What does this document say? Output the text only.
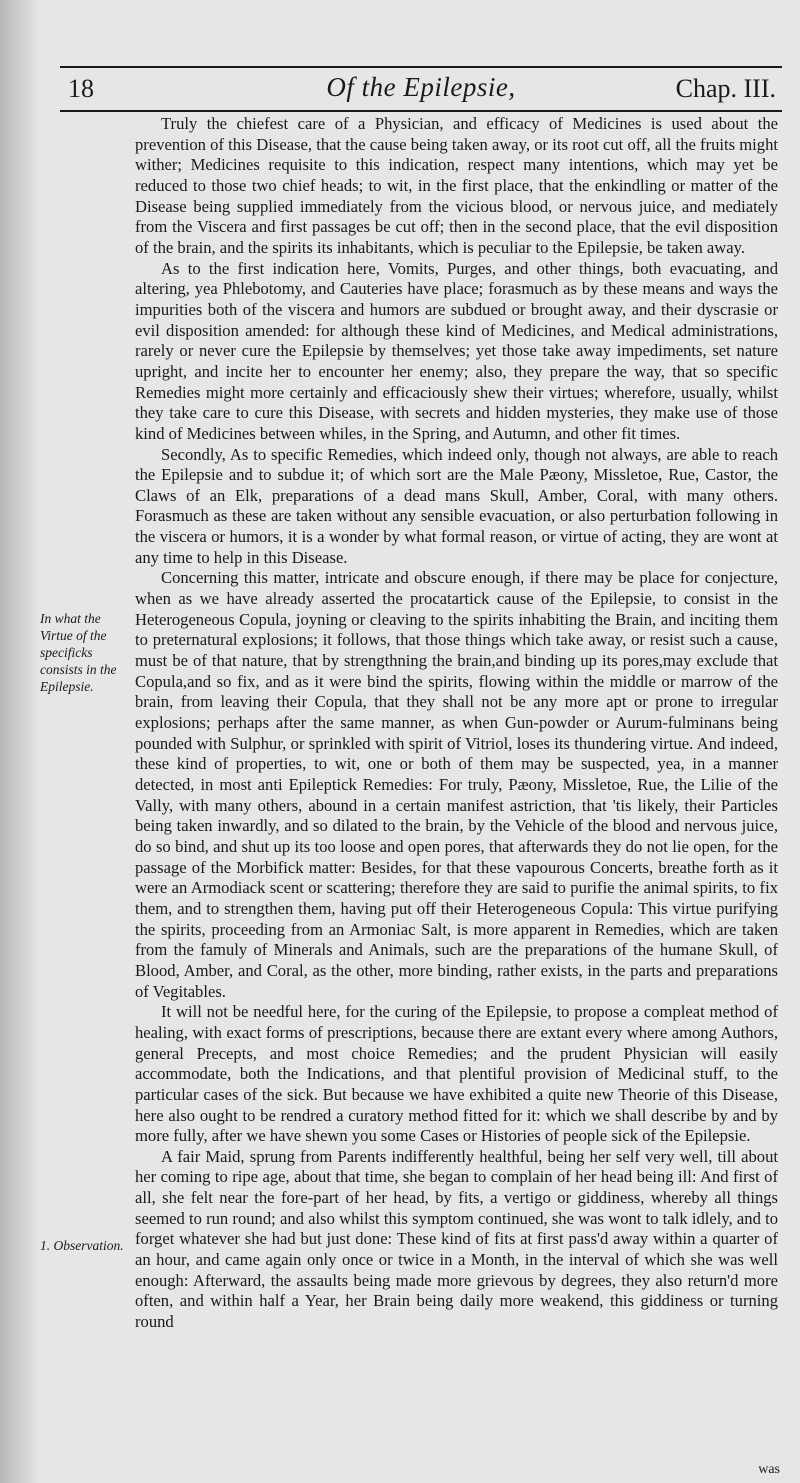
18	Of the Epilepsie,	Chap. III.
In what the Virtue of the specificks consists in the Epilepsie.
1. Observation.

Truly the chiefest care of a Physician, and efficacy of Medicines is used about the prevention of this Disease, that the cause being taken away, or its root cut off, all the fruits might wither; Medicines requisite to this indication, respect many intentions, which may yet be reduced to those two chief heads; to wit, in the first place, that the enkindling or matter of the Disease being supplied immediately from the vicious blood, or nervous juice, and mediately from the Viscera and first passages be cut off; then in the second place, that the evil disposition of the brain, and the spirits its inhabitants, which is peculiar to the Epilepsie, be taken away.

As to the first indication here, Vomits, Purges, and other things, both evacuating, and altering, yea Phlebotomy, and Cauteries have place; forasmuch as by these means and ways the impurities both of the viscera and humors are subdued or brought away, and their dyscrasie or evil disposition amended: for although these kind of Medicines, and Medical administrations, rarely or never cure the Epilepsie by themselves; yet those take away impediments, set nature upright, and incite her to encounter her enemy; also, they prepare the way, that so specific Remedies might more certainly and efficaciously shew their virtues; wherefore, usually, whilst they take care to cure this Disease, with secrets and hidden mysteries, they make use of those kind of Medicines between whiles, in the Spring, and Autumn, and other fit times.

Secondly, As to specific Remedies, which indeed only, though not always, are able to reach the Epilepsie and to subdue it; of which sort are the Male Pæony, Missletoe, Rue, Castor, the Claws of an Elk, preparations of a dead mans Skull, Amber, Coral, with many others. Forasmuch as these are taken without any sensible evacuation, or also perturbation following in the viscera or humors, it is a wonder by what formal reason, or virtue of acting, they are wont at any time to help in this Disease.

Concerning this matter, intricate and obscure enough, if there may be place for conjecture, when as we have already asserted the procatartick cause of the Epilepsie, to consist in the Heterogeneous Copula, joyning or cleaving to the spirits inhabiting the Brain, and inciting them to preternatural explosions; it follows, that those things which take away, or resist such a cause, must be of that nature, that by strengthning the brain,and binding up its pores,may exclude that Copula,and so fix, and as it were bind the spirits, flowing within the middle or marrow of the brain, from leaving their Copula, that they shall not be any more apt or prone to irregular explosions; perhaps after the same manner, as when Gun-powder or Aurum-fulminans being pounded with Sulphur, or sprinkled with spirit of Vitriol, loses its thundering virtue. And indeed, these kind of properties, to wit, one or both of them may be suspected, yea, in a manner detected, in most anti Epileptick Remedies: For truly, Pæony, Missletoe, Rue, the Lilie of the Vally, with many others, abound in a certain manifest astriction, that 'tis likely, their Particles being taken inwardly, and so dilated to the brain, by the Vehicle of the blood and nervous juice, do so bind, and shut up its too loose and open pores, that afterwards they do not lie open, for the passage of the Morbifick matter: Besides, for that these vapourous Concerts, breathe forth as it were an Armodiack scent or scattering; therefore they are said to purifie the animal spirits, to fix them, and to strengthen them, having put off their Heterogeneous Copula: This virtue purifying the spirits, proceeding from an Armoniac Salt, is more apparent in Remedies, which are taken from the famuly of Minerals and Animals, such are the preparations of the humane Skull, of Blood, Amber, and Coral, as the other, more binding, rather exists, in the parts and preparations of Vegitables.

It will not be needful here, for the curing of the Epilepsie, to propose a compleat method of healing, with exact forms of prescriptions, because there are extant every where among Authors, general Precepts, and most choice Remedies; and the prudent Physician will easily accommodate, both the Indications, and that plentiful provision of Medicinal stuff, to the particular cases of the sick. But because we have exhibited a quite new Theorie of this Disease, here also ought to be rendred a curatory method fitted for it: which we shall describe by and by more fully, after we have shewn you some Cases or Histories of people sick of the Epilepsie.

A fair Maid, sprung from Parents indifferently healthful, being her self very well, till about her coming to ripe age, about that time, she began to complain of her head being ill: And first of all, she felt near the fore-part of her head, by fits, a vertigo or giddiness, whereby all things seemed to run round; and also whilst this symptom continued, she was wont to talk idlely, and to forget whatever she had but just done: These kind of fits at first pass'd away within a quarter of an hour, and came again only once or twice in a Month, in the interval of which she was well enough: Afterward, the assaults being made more grievous by degrees, they also return'd more often, and within half a Year, her Brain being daily more weakend, this giddiness or turning round

was
